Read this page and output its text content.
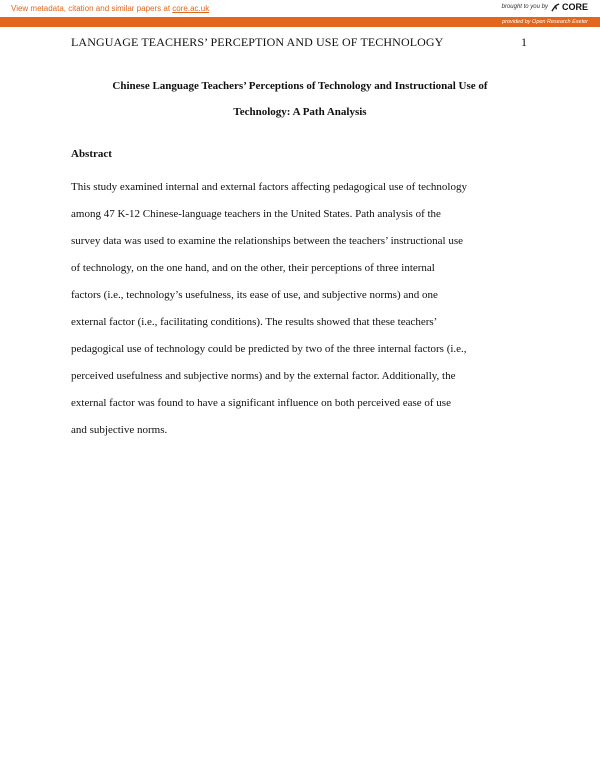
View metadata, citation and similar papers at core.ac.uk	brought to you by CORE
provided by Open Research Exeter
LANGUAGE TEACHERS’ PERCEPTION AND USE OF TECHNOLOGY	1
Chinese Language Teachers’ Perceptions of Technology and Instructional Use of
Technology: A Path Analysis
Abstract
This study examined internal and external factors affecting pedagogical use of technology
among 47 K-12 Chinese-language teachers in the United States. Path analysis of the
survey data was used to examine the relationships between the teachers’ instructional use
of technology, on the one hand, and on the other, their perceptions of three internal
factors (i.e., technology’s usefulness, its ease of use, and subjective norms) and one
external factor (i.e., facilitating conditions). The results showed that these teachers’
pedagogical use of technology could be predicted by two of the three internal factors (i.e.,
perceived usefulness and subjective norms) and by the external factor. Additionally, the
external factor was found to have a significant influence on both perceived ease of use
and subjective norms.
